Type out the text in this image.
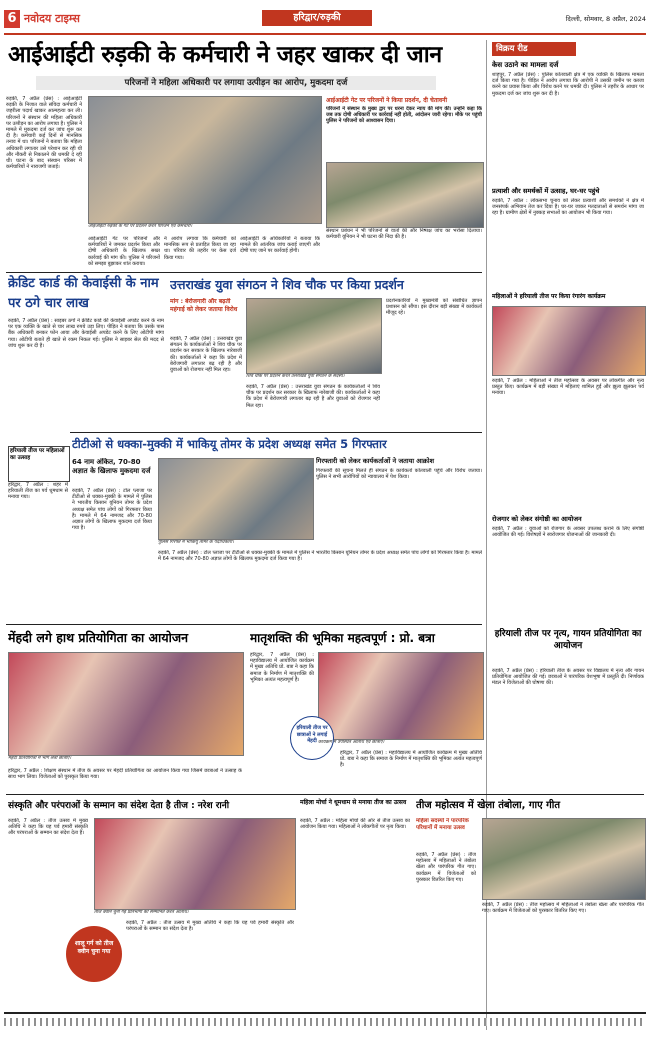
6 नवोदय टाइम्स	हरिद्वार/रुड़की	दिल्ली, सोमवार, 8 अप्रैल, 2024
आईआईटी रुड़की के कर्मचारी ने जहर खाकर दी जान
परिजनों ने महिला अधिकारी पर लगाया उत्पीड़न का आरोप, मुकदमा दर्ज
रुड़की, 7 अप्रैल (प्रेस) : आईआईटी रुड़की के निजात वाले संविदा कर्मचारी ने जहरीला पदार्थ खाकर आत्महत्या कर ली। परिजनों ने संस्थान की महिला अधिकारी पर उत्पीड़न का आरोप लगाया है। पुलिस ने मामले में मुकदमा दर्ज कर जांच शुरू कर दी है। कर्मचारी कई दिनों से मानसिक तनाव में था। परिजनों ने बताया कि महिला अधिकारी लगातार उसे परेशान कर रही थी और नौकरी से निकालने की धमकी दे रही थी। घटना के बाद संस्थान परिसर में कर्मचारियों ने नाराजगी जताई।
आईआईटी रुड़की के गेट पर प्रदर्शन करते परिजन एवं कर्मचारी।
आईआईटी गेट पर परिजनों ने किया प्रदर्शन, दी चेतावनी
परिजनों ने संस्थान के मुख्य द्वार पर धरना देकर न्याय की मांग की। उन्होंने कहा कि जब तक दोषी अधिकारी पर कार्रवाई नहीं होती, आंदोलन जारी रहेगा। मौके पर पहुंची पुलिस ने परिजनों को आश्वासन दिया।
आईआईटी गेट पर परिजनों और कर्मचारियों ने जमकर प्रदर्शन किया और दोषी अधिकारी के खिलाफ सख्त कार्रवाई की मांग की। पुलिस ने परिजनों को समझा बुझाकर शांत कराया।
ने आरोप लगाया कि कर्मचारी को मानसिक रूप से प्रताड़ित किया जा रहा था। परिवार की तहरीर पर केस दर्ज किया गया।
आईआईटी के अधिकारियों ने बताया कि मामले की आंतरिक जांच कराई जाएगी और दोषी पाए जाने पर कार्रवाई होगी।
संस्थान प्रबंधन ने भी परिजनों से वार्ता की और निष्पक्ष जांच का भरोसा दिलाया। कर्मचारी यूनियन ने भी घटना की निंदा की है।
विक्रय रीड
केस उठाने का मामला दर्ज
शाहपुर, 7 अप्रैल (प्रेस) : पुलिस कोतवाली क्षेत्र में एक व्यक्ति के खिलाफ मामला दर्ज किया गया है। पीड़ित ने आरोप लगाया कि आरोपी ने उसकी जमीन पर कब्जा करने का प्रयास किया और विरोध करने पर धमकी दी। पुलिस ने तहरीर के आधार पर मुकदमा दर्ज कर जांच शुरू कर दी है।
प्रत्याशी और समर्थकों में उत्साह, घर-घर पहुंचे
रुड़की, 7 अप्रैल : लोकसभा चुनाव को लेकर प्रत्याशी और समर्थकों ने क्षेत्र में जनसंपर्क अभियान तेज कर दिया है। घर-घर जाकर मतदाताओं से समर्थन मांगा जा रहा है। ग्रामीण क्षेत्रों में नुक्कड़ सभाओं का आयोजन भी किया गया।
महिलाओं ने हरियाली तीज पर किया रंगारंग कार्यक्रम
रुड़की, 7 अप्रैल : महिलाओं ने तीज महोत्सव के अवसर पर लोकगीत और नृत्य प्रस्तुत किए। कार्यक्रम में बड़ी संख्या में महिलाएं शामिल हुईं और झूला झूलकर पर्व मनाया।
रोजगार को लेकर संगोष्ठी का आयोजन
रुड़की, 7 अप्रैल : युवाओं को रोजगार के अवसर उपलब्ध कराने के लिए संगोष्ठी आयोजित की गई। विशेषज्ञों ने स्वरोजगार योजनाओं की जानकारी दी।
क्रेडिट कार्ड की केवाईसी के नाम पर ठगे चार लाख
रुड़की, 7 अप्रैल (प्रेस) : साइबर ठगों ने क्रेडिट कार्ड की केवाईसी अपडेट करने के नाम पर एक व्यक्ति के खाते से चार लाख रुपये उड़ा लिए। पीड़ित ने बताया कि उसके पास बैंक अधिकारी बनकर फोन आया और केवाईसी अपडेट करने के लिए ओटीपी मांगा गया। ओटीपी बताते ही खाते से रकम निकल गई। पुलिस ने साइबर सेल की मदद से जांच शुरू कर दी है।
हरियाली तीज पर महिलाओं का उत्साह
हरिद्वार, 7 अप्रैल : शहर में हरियाली तीज का पर्व धूमधाम से मनाया गया।
उत्तराखंड युवा संगठन ने शिव चौक पर किया प्रदर्शन
मांग : बेरोजगारी और बढ़ती महंगाई को लेकर जताया विरोध
शिव चौक पर प्रदर्शन करते उत्तराखंड युवा संगठन के सदस्य।
रुड़की, 7 अप्रैल (प्रेस) : उत्तराखंड युवा संगठन के कार्यकर्ताओं ने शिव चौक पर प्रदर्शन कर सरकार के खिलाफ नारेबाजी की। कार्यकर्ताओं ने कहा कि प्रदेश में बेरोजगारी लगातार बढ़ रही है और युवाओं को रोजगार नहीं मिल रहा।
प्रदर्शनकारियों ने मुख्यमंत्री को संबोधित ज्ञापन प्रशासन को सौंपा। इस दौरान बड़ी संख्या में कार्यकर्ता मौजूद रहे।
रुड़की, 7 अप्रैल (प्रेस) : उत्तराखंड युवा संगठन के कार्यकर्ताओं ने शिव चौक पर प्रदर्शन कर सरकार के खिलाफ नारेबाजी की। कार्यकर्ताओं ने कहा कि प्रदेश में बेरोजगारी लगातार बढ़ रही है और युवाओं को रोजगार नहीं मिल रहा।
टीटीओ से धक्का-मुक्की में भाकियू तोमर के प्रदेश अध्यक्ष समेत 5 गिरफ्तार
गिरफ्तारी को लेकर कार्यकर्ताओं ने जताया आक्रोश
64 नाम अंकित, 70-80 अज्ञात के खिलाफ मुकदमा दर्ज
रुड़की, 7 अप्रैल (प्रेस) : टोल प्लाजा पर टीटीओ से धक्का-मुक्की के मामले में पुलिस ने भारतीय किसान यूनियन तोमर के प्रदेश अध्यक्ष समेत पांच लोगों को गिरफ्तार किया है। मामले में 64 नामजद और 70-80 अज्ञात लोगों के खिलाफ मुकदमा दर्ज किया गया है।
पुलिस गिरफ्त में भाकियू तोमर के पदाधिकारी।
गिरफ्तारी की सूचना मिलते ही संगठन के कार्यकर्ता कोतवाली पहुंचे और विरोध जताया। पुलिस ने सभी आरोपियों को न्यायालय में पेश किया।
रुड़की, 7 अप्रैल (प्रेस) : टोल प्लाजा पर टीटीओ से धक्का-मुक्की के मामले में पुलिस ने भारतीय किसान यूनियन तोमर के प्रदेश अध्यक्ष समेत पांच लोगों को गिरफ्तार किया है। मामले में 64 नामजद और 70-80 अज्ञात लोगों के खिलाफ मुकदमा दर्ज किया गया है।
मेंहदी लगे हाथ प्रतियोगिता का आयोजन
मेंहदी प्रतियोगिता में भाग लेती छात्राएं।
हरिद्वार, 7 अप्रैल : शिक्षण संस्थान में तीज के अवसर पर मेंहदी प्रतियोगिता का आयोजन किया गया जिसमें छात्राओं ने उत्साह के साथ भाग लिया। विजेताओं को पुरस्कृत किया गया।
मातृशक्ति की भूमिका महत्वपूर्ण : प्रो. बत्रा
हरिद्वार, 7 अप्रैल (प्रेस) : महाविद्यालय में आयोजित कार्यक्रम में मुख्य अतिथि प्रो. बत्रा ने कहा कि समाज के निर्माण में मातृशक्ति की भूमिका अत्यंत महत्वपूर्ण है।
हरियाली तीज पर छात्राओं ने लगाई मेंहदी कार्यक्रम में उपस्थित अतिथि एवं छात्राएं।
हरिद्वार, 7 अप्रैल (प्रेस) : महाविद्यालय में आयोजित कार्यक्रम में मुख्य अतिथि प्रो. बत्रा ने कहा कि समाज के निर्माण में मातृशक्ति की भूमिका अत्यंत महत्वपूर्ण है।
हरियाली तीज पर नृत्य, गायन प्रतियोगिता का आयोजन
रुड़की, 7 अप्रैल (प्रेस) : हरियाली तीज के अवसर पर विद्यालय में नृत्य और गायन प्रतियोगिता आयोजित की गई। छात्राओं ने पारंपरिक वेशभूषा में प्रस्तुति दी। निर्णायक मंडल ने विजेताओं की घोषणा की।
संस्कृति और परंपराओं के सम्मान का संदेश देता है तीज : नरेश रानी
रुड़की, 7 अप्रैल : तीज उत्सव में मुख्य अतिथि ने कहा कि यह पर्व हमारी संस्कृति और परंपराओं के सम्मान का संदेश देता है।
शालू गर्ग को तीज क्वीन चुना गया
तीज क्वीन चुनी गई प्रतिभागी को सम्मानित करते अतिथि।
रुड़की, 7 अप्रैल : तीज उत्सव में मुख्य अतिथि ने कहा कि यह पर्व हमारी संस्कृति और परंपराओं के सम्मान का संदेश देता है।
महिला मोर्चा ने धूमधाम से मनाया तीज का उत्सव
रुड़की, 7 अप्रैल : महिला मोर्चा की ओर से तीज उत्सव का आयोजन किया गया। महिलाओं ने लोकगीतों पर नृत्य किया।
तीज महोत्सव में खेला तंबोला, गाए गीत
महिला सदस्यों ने पारंपरिक परिधानों में मनाया उत्सव
रुड़की, 7 अप्रैल (प्रेस) : तीज महोत्सव में महिलाओं ने तंबोला खेला और पारंपरिक गीत गाए। कार्यक्रम में विजेताओं को पुरस्कार वितरित किए गए।
रुड़की, 7 अप्रैल (प्रेस) : तीज महोत्सव में महिलाओं ने तंबोला खेला और पारंपरिक गीत गाए। कार्यक्रम में विजेताओं को पुरस्कार वितरित किए गए।
